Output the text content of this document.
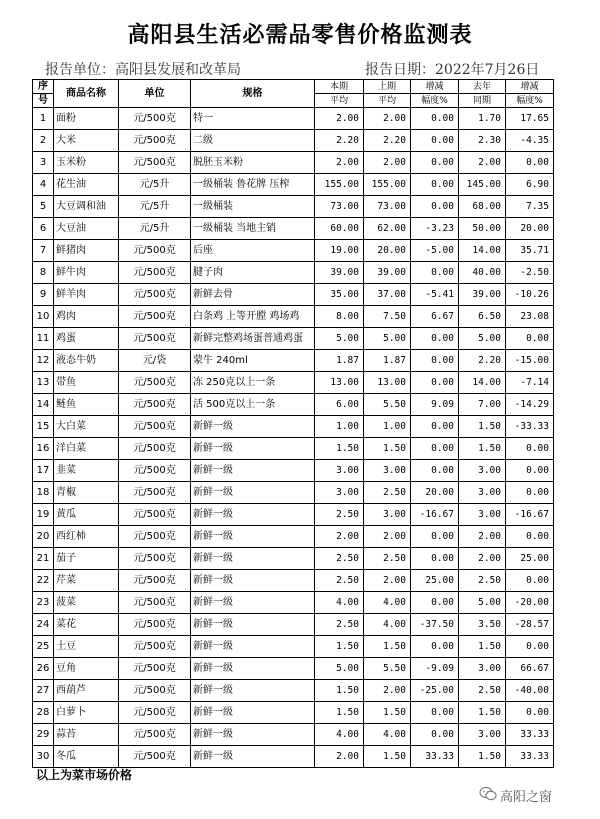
高阳县生活必需品零售价格监测表
报告单位：高阳县发展和改革局	报告日期：2022年7月26日
序	商品名称	单位	规格	本期	上期	增减	去年	增减
号				平均	平均	幅度%	同期	幅度%
1	面粉	元/500克	特一	2.00	2.00	0.00	1.70	17.65
2	大米	元/500克	二级	2.20	2.20	0.00	2.30	-4.35
3	玉米粉	元/500克	脱胚玉米粉	2.00	2.00	0.00	2.00	0.00
4	花生油	元/5升	一级桶装 鲁花牌 压榨	155.00	155.00	0.00	145.00	6.90
5	大豆调和油	元/5升	一级桶装	73.00	73.00	0.00	68.00	7.35
6	大豆油	元/5升	一级桶装 当地主销	60.00	62.00	-3.23	50.00	20.00
7	鲜猪肉	元/500克	后座	19.00	20.00	-5.00	14.00	35.71
8	鲜牛肉	元/500克	腱子肉	39.00	39.00	0.00	40.00	-2.50
9	鲜羊肉	元/500克	新鲜去骨	35.00	37.00	-5.41	39.00	-10.26
10	鸡肉	元/500克	白条鸡 上等开膛 鸡场鸡	8.00	7.50	6.67	6.50	23.08
11	鸡蛋	元/500克	新鲜完整鸡场蛋普通鸡蛋	5.00	5.00	0.00	5.00	0.00
12	液态牛奶	元/袋	蒙牛 240ml	1.87	1.87	0.00	2.20	-15.00
13	带鱼	元/500克	冻 250克以上一条	13.00	13.00	0.00	14.00	-7.14
14	鲢鱼	元/500克	活 500克以上一条	6.00	5.50	9.09	7.00	-14.29
15	大白菜	元/500克	新鲜一级	1.00	1.00	0.00	1.50	-33.33
16	洋白菜	元/500克	新鲜一级	1.50	1.50	0.00	1.50	0.00
17	韭菜	元/500克	新鲜一级	3.00	3.00	0.00	3.00	0.00
18	青椒	元/500克	新鲜一级	3.00	2.50	20.00	3.00	0.00
19	黄瓜	元/500克	新鲜一级	2.50	3.00	-16.67	3.00	-16.67
20	西红柿	元/500克	新鲜一级	2.00	2.00	0.00	2.00	0.00
21	茄子	元/500克	新鲜一级	2.50	2.50	0.00	2.00	25.00
22	芹菜	元/500克	新鲜一级	2.50	2.00	25.00	2.50	0.00
23	菠菜	元/500克	新鲜一级	4.00	4.00	0.00	5.00	-20.00
24	菜花	元/500克	新鲜一级	2.50	4.00	-37.50	3.50	-28.57
25	土豆	元/500克	新鲜一级	1.50	1.50	0.00	1.50	0.00
26	豆角	元/500克	新鲜一级	5.00	5.50	-9.09	3.00	66.67
27	西葫芦	元/500克	新鲜一级	1.50	2.00	-25.00	2.50	-40.00
28	白萝卜	元/500克	新鲜一级	1.50	1.50	0.00	1.50	0.00
29	蒜苔	元/500克	新鲜一级	4.00	4.00	0.00	3.00	33.33
30	冬瓜	元/500克	新鲜一级	2.00	1.50	33.33	1.50	33.33
以上为菜市场价格
高阳之窗
